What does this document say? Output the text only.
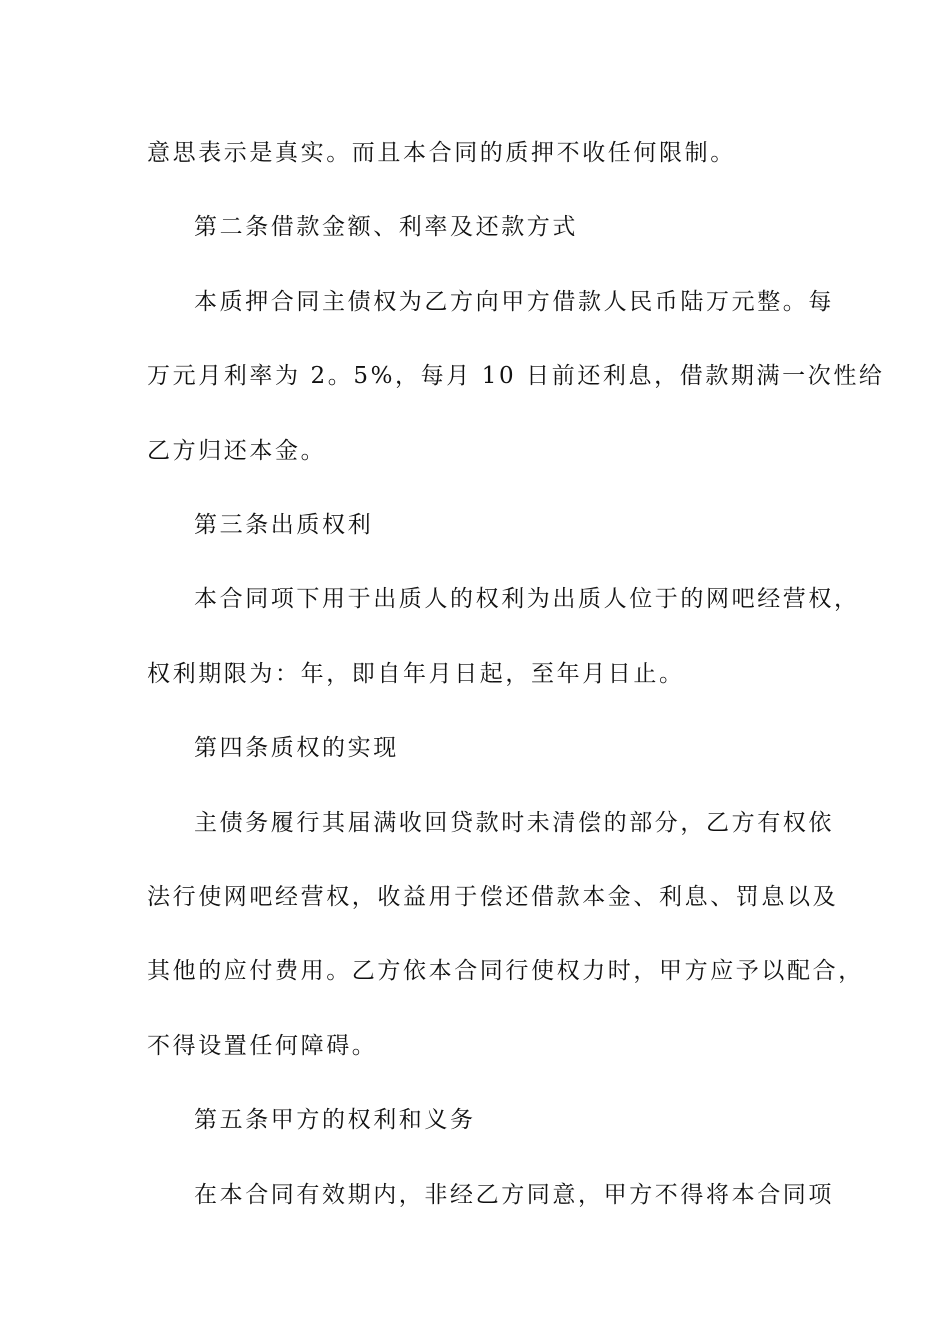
意思表示是真实。而且本合同的质押不收任何限制。
第二条借款金额、利率及还款方式
本质押合同主债权为乙方向甲方借款人民币陆万元整。每
万元月利率为 2。5%，每月 10 日前还利息，借款期满一次性给
乙方归还本金。
第三条出质权利
本合同项下用于出质人的权利为出质人位于的网吧经营权，
权利期限为：年，即自年月日起，至年月日止。
第四条质权的实现
主债务履行其届满收回贷款时未清偿的部分，乙方有权依
法行使网吧经营权，收益用于偿还借款本金、利息、罚息以及
其他的应付费用。乙方依本合同行使权力时，甲方应予以配合，
不得设置任何障碍。
第五条甲方的权利和义务
在本合同有效期内，非经乙方同意，甲方不得将本合同项
